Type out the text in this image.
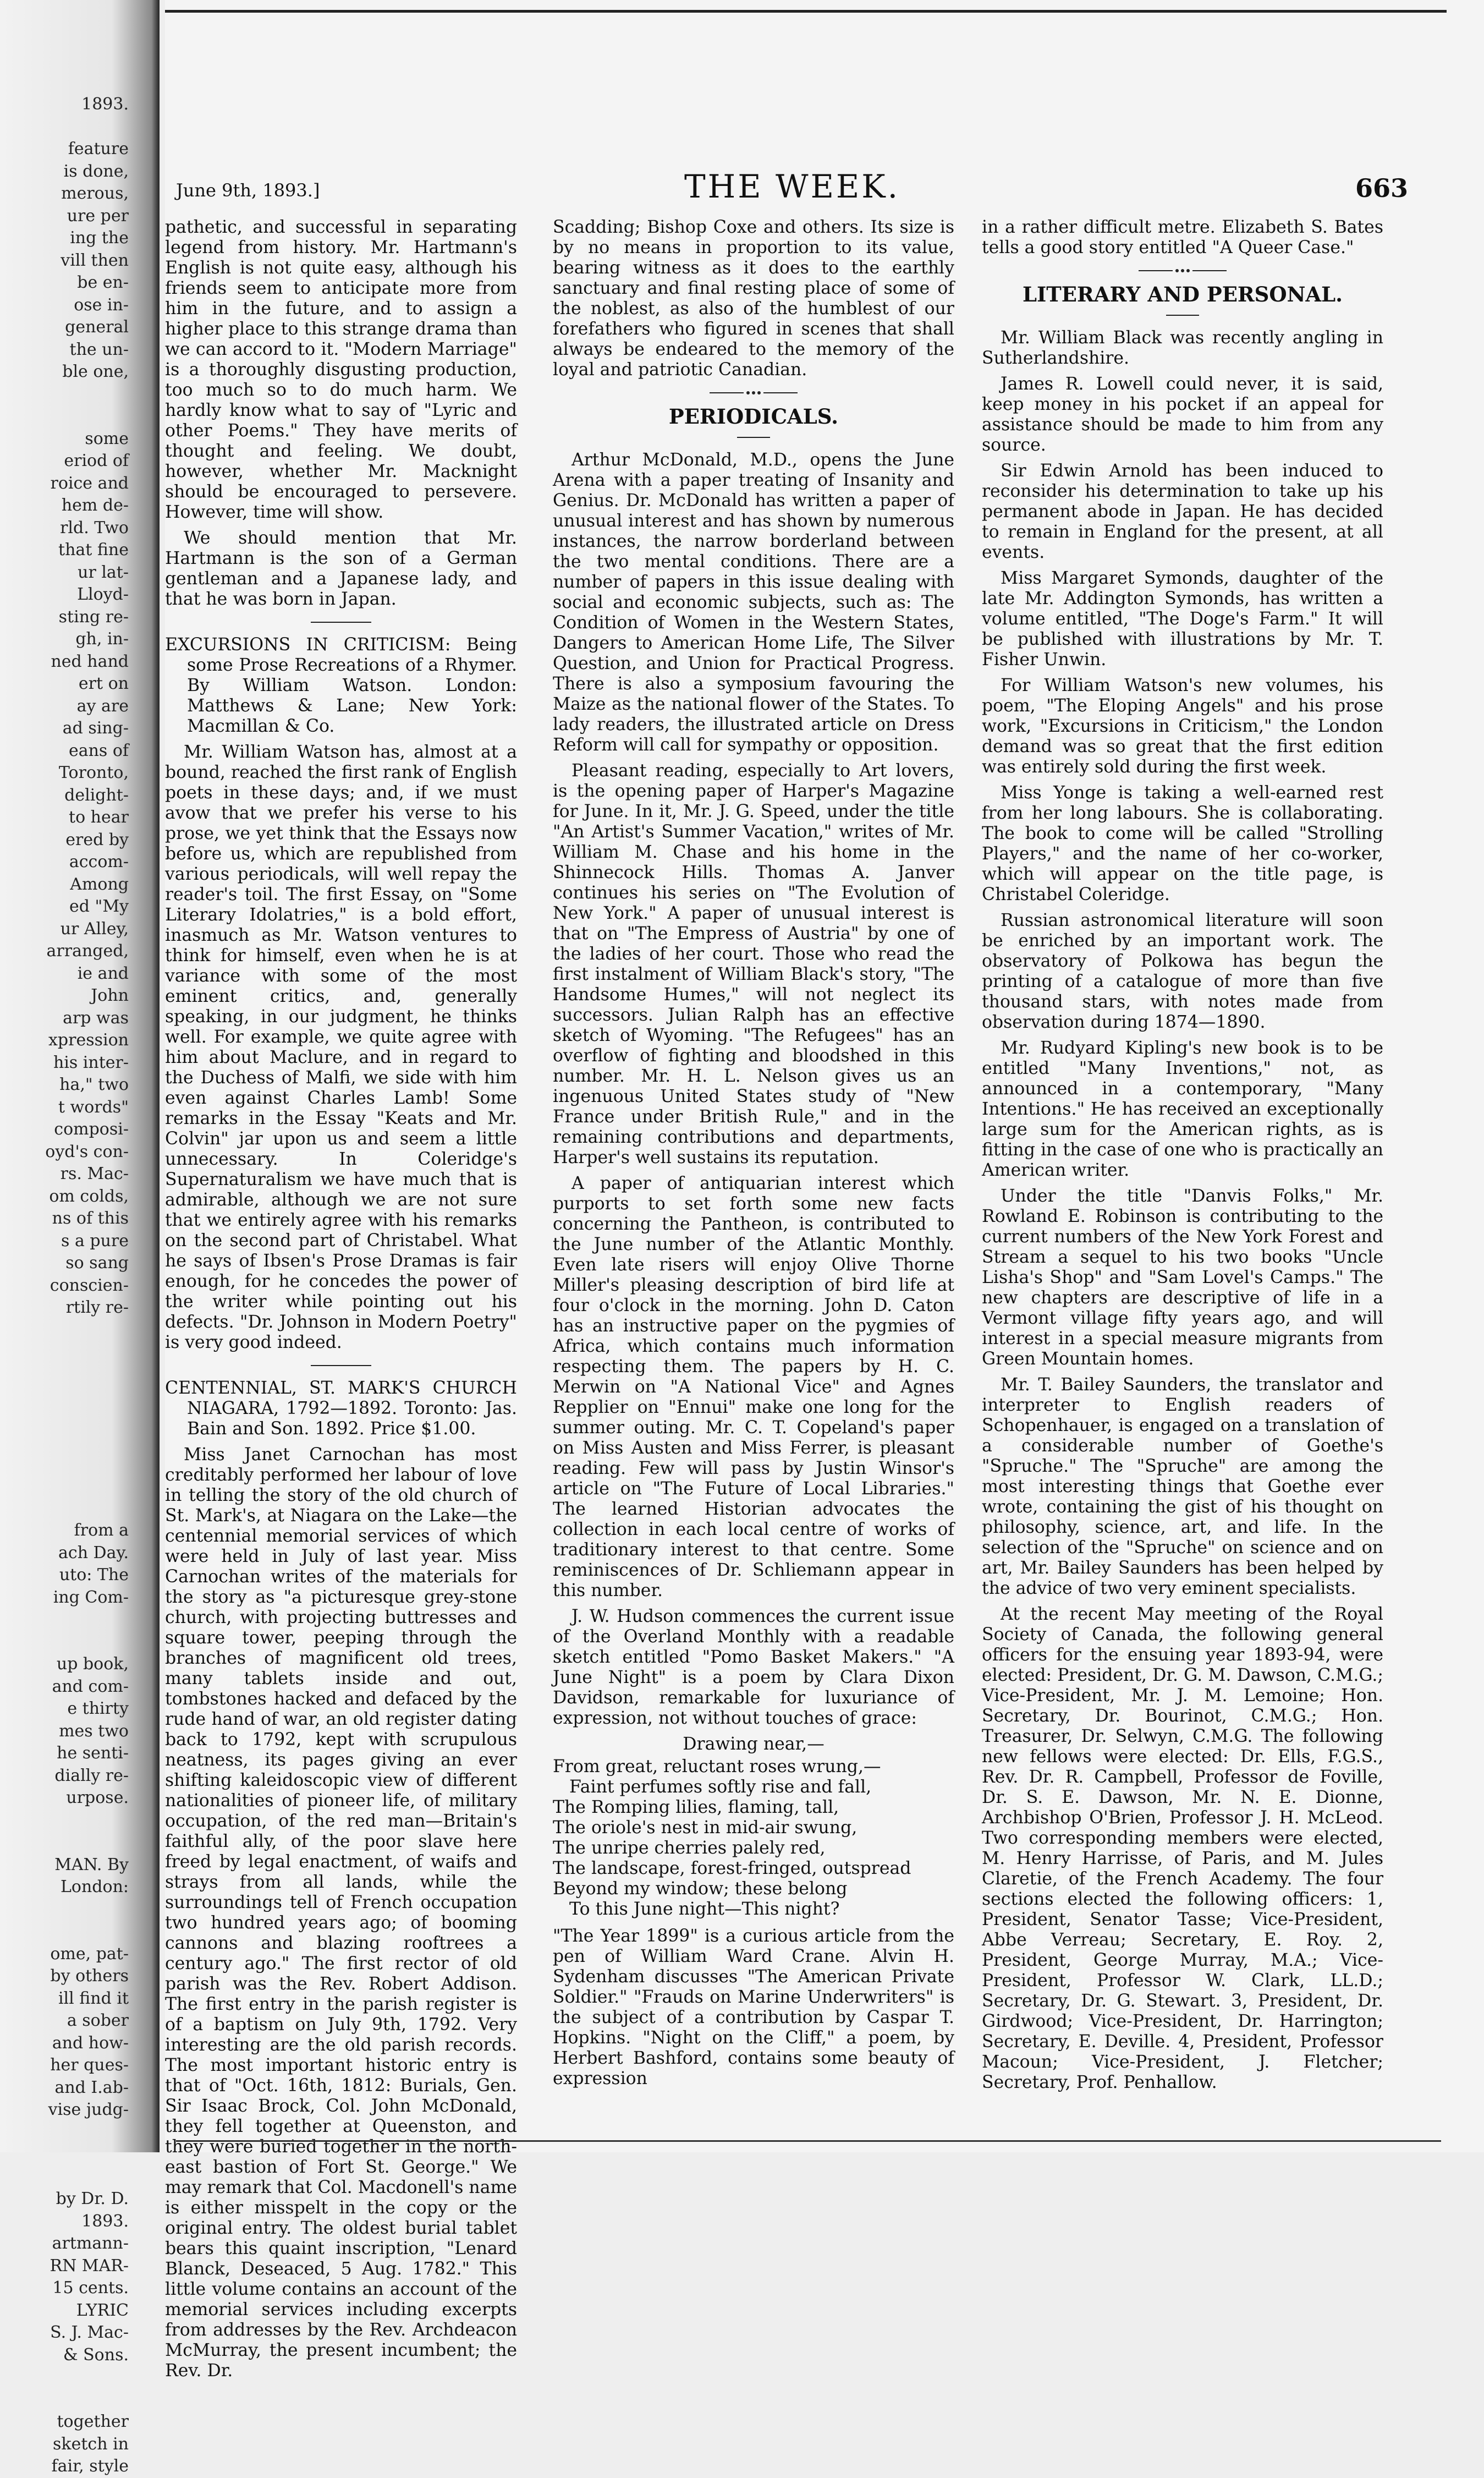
1893.
feature
is done,
merous,
ure per
ing the
vill then
be en-
ose in-
general
the un-
ble one,
some
eriod of
roice and
hem de-
rld. Two
that fine
ur lat-
Lloyd-
sting re-
gh, in-
ned hand
ert on
ay are
ad sing-
eans of
Toronto,
delight-
to hear
ered by
accom-
Among
ed "My
ur Alley,
arranged,
ie and
John
arp was
xpression
his inter-
ha," two
t words"
composi-
oyd's con-
rs. Mac-
om colds,
ns of this
s a pure
so sang
conscien-
rtily re-
from a
ach Day.
uto: The
ing Com-
up book,
and com-
e thirty
mes two
he senti-
dially re-
urpose.
MAN. By
London:
ome, pat-
by others
ill find it
a sober
and how-
her ques-
and I.ab-
vise judg-
by Dr. D.
1893.
artmann-
RN MAR-
15 cents.
LYRIC
S. J. Mac-
& Sons.
together
sketch in
fair, style
June 9th, 1893.]	THE WEEK.	663

pathetic, and successful in separating legend from history. Mr. Hartmann's English is not quite easy, although his friends seem to anticipate more from him in the future, and to assign a higher place to this strange drama than we can accord to it. "Modern Marriage" is a thoroughly disgusting production, too much so to do much harm. We hardly know what to say of "Lyric and other Poems." They have merits of thought and feeling. We doubt, however, whether Mr. Macknight should be encouraged to persevere. However, time will show.

We should mention that Mr. Hartmann is the son of a German gentleman and a Japanese lady, and that he was born in Japan.

EXCURSIONS IN CRITICISM: Being some Prose Recreations of a Rhymer. By William Watson. London: Matthews & Lane; New York: Macmillan & Co.

Mr. William Watson has, almost at a bound, reached the first rank of English poets in these days; and, if we must avow that we prefer his verse to his prose, we yet think that the Essays now before us, which are republished from various periodicals, will well repay the reader's toil. The first Essay, on "Some Literary Idolatries," is a bold effort, inasmuch as Mr. Watson ventures to think for himself, even when he is at variance with some of the most eminent critics, and, generally speaking, in our judgment, he thinks well. For example, we quite agree with him about Maclure, and in regard to the Duchess of Malfi, we side with him even against Charles Lamb! Some remarks in the Essay "Keats and Mr. Colvin" jar upon us and seem a little unnecessary. In Coleridge's Supernaturalism we have much that is admirable, although we are not sure that we entirely agree with his remarks on the second part of Christabel. What he says of Ibsen's Prose Dramas is fair enough, for he concedes the power of the writer while pointing out his defects. "Dr. Johnson in Modern Poetry" is very good indeed.

CENTENNIAL, ST. MARK'S CHURCH NIAGARA, 1792—1892. Toronto: Jas. Bain and Son. 1892. Price $1.00.

Miss Janet Carnochan has most creditably performed her labour of love in telling the story of the old church of St. Mark's, at Niagara on the Lake—the centennial memorial services of which were held in July of last year. Miss Carnochan writes of the materials for the story as "a picturesque grey-stone church, with projecting buttresses and square tower, peeping through the branches of magnificent old trees, many tablets inside and out, tombstones hacked and defaced by the rude hand of war, an old register dating back to 1792, kept with scrupulous neatness, its pages giving an ever shifting kaleidoscopic view of different nationalities of pioneer life, of military occupation, of the red man—Britain's faithful ally, of the poor slave here freed by legal enactment, of waifs and strays from all lands, while the surroundings tell of French occupation two hundred years ago; of booming cannons and blazing rooftrees a century ago." The first rector of old parish was the Rev. Robert Addison. The first entry in the parish register is of a baptism on July 9th, 1792. Very interesting are the old parish records. The most important historic entry is that of "Oct. 16th, 1812: Burials, Gen. Sir Isaac Brock, Col. John McDonald, they fell together at Queenston, and they were buried together in the north-east bastion of Fort St. George." We may remark that Col. Macdonell's name is either misspelt in the copy or the original entry. The oldest burial tablet bears this quaint inscription, "Lenard Blanck, Deseaced, 5 Aug. 1782." This little volume contains an account of the memorial services including excerpts from addresses by the Rev. Archdeacon McMurray, the present incumbent; the Rev. Dr.

Scadding; Bishop Coxe and others. Its size is by no means in proportion to its value, bearing witness as it does to the earthly sanctuary and final resting place of some of the noblest, as also of the humblest of our forefathers who figured in scenes that shall always be endeared to the memory of the loyal and patriotic Canadian.

PERIODICALS.

Arthur McDonald, M.D., opens the June Arena with a paper treating of Insanity and Genius. Dr. McDonald has written a paper of unusual interest and has shown by numerous instances, the narrow borderland between the two mental conditions. There are a number of papers in this issue dealing with social and economic subjects, such as: The Condition of Women in the Western States, Dangers to American Home Life, The Silver Question, and Union for Practical Progress. There is also a symposium favouring the Maize as the national flower of the States. To lady readers, the illustrated article on Dress Reform will call for sympathy or opposition.

Pleasant reading, especially to Art lovers, is the opening paper of Harper's Magazine for June. In it, Mr. J. G. Speed, under the title "An Artist's Summer Vacation," writes of Mr. William M. Chase and his home in the Shinnecock Hills. Thomas A. Janver continues his series on "The Evolution of New York." A paper of unusual interest is that on "The Empress of Austria" by one of the ladies of her court. Those who read the first instalment of William Black's story, "The Handsome Humes," will not neglect its successors. Julian Ralph has an effective sketch of Wyoming. "The Refugees" has an overflow of fighting and bloodshed in this number. Mr. H. L. Nelson gives us an ingenuous United States study of "New France under British Rule," and in the remaining contributions and departments, Harper's well sustains its reputation.

A paper of antiquarian interest which purports to set forth some new facts concerning the Pantheon, is contributed to the June number of the Atlantic Monthly. Even late risers will enjoy Olive Thorne Miller's pleasing description of bird life at four o'clock in the morning. John D. Caton has an instructive paper on the pygmies of Africa, which contains much information respecting them. The papers by H. C. Merwin on "A National Vice" and Agnes Repplier on "Ennui" make one long for the summer outing. Mr. C. T. Copeland's paper on Miss Austen and Miss Ferrer, is pleasant reading. Few will pass by Justin Winsor's article on "The Future of Local Libraries." The learned Historian advocates the collection in each local centre of works of traditionary interest to that centre. Some reminiscences of Dr. Schliemann appear in this number.

J. W. Hudson commences the current issue of the Overland Monthly with a readable sketch entitled "Pomo Basket Makers." "A June Night" is a poem by Clara Dixon Davidson, remarkable for luxuriance of expression, not without touches of grace:

Drawing near,—
From great, reluctant roses wrung,—
Faint perfumes softly rise and fall,
The Romping lilies, flaming, tall,
The oriole's nest in mid-air swung,
The unripe cherries palely red,
The landscape, forest-fringed, outspread
Beyond my window; these belong
To this June night—This night?

"The Year 1899" is a curious article from the pen of William Ward Crane. Alvin H. Sydenham discusses "The American Private Soldier." "Frauds on Marine Underwriters" is the subject of a contribution by Caspar T. Hopkins. "Night on the Cliff," a poem, by Herbert Bashford, contains some beauty of expression

in a rather difficult metre. Elizabeth S. Bates tells a good story entitled "A Queer Case."

LITERARY AND PERSONAL.

Mr. William Black was recently angling in Sutherlandshire.

James R. Lowell could never, it is said, keep money in his pocket if an appeal for assistance should be made to him from any source.

Sir Edwin Arnold has been induced to reconsider his determination to take up his permanent abode in Japan. He has decided to remain in England for the present, at all events.

Miss Margaret Symonds, daughter of the late Mr. Addington Symonds, has written a volume entitled, "The Doge's Farm." It will be published with illustrations by Mr. T. Fisher Unwin.

For William Watson's new volumes, his poem, "The Eloping Angels" and his prose work, "Excursions in Criticism," the London demand was so great that the first edition was entirely sold during the first week.

Miss Yonge is taking a well-earned rest from her long labours. She is collaborating. The book to come will be called "Strolling Players," and the name of her co-worker, which will appear on the title page, is Christabel Coleridge.

Russian astronomical literature will soon be enriched by an important work. The observatory of Polkowa has begun the printing of a catalogue of more than five thousand stars, with notes made from observation during 1874—1890.

Mr. Rudyard Kipling's new book is to be entitled "Many Inventions," not, as announced in a contemporary, "Many Intentions." He has received an exceptionally large sum for the American rights, as is fitting in the case of one who is practically an American writer.

Under the title "Danvis Folks," Mr. Rowland E. Robinson is contributing to the current numbers of the New York Forest and Stream a sequel to his two books "Uncle Lisha's Shop" and "Sam Lovel's Camps." The new chapters are descriptive of life in a Vermont village fifty years ago, and will interest in a special measure migrants from Green Mountain homes.

Mr. T. Bailey Saunders, the translator and interpreter to English readers of Schopenhauer, is engaged on a translation of a considerable number of Goethe's "Spruche." The "Spruche" are among the most interesting things that Goethe ever wrote, containing the gist of his thought on philosophy, science, art, and life. In the selection of the "Spruche" on science and on art, Mr. Bailey Saunders has been helped by the advice of two very eminent specialists.

At the recent May meeting of the Royal Society of Canada, the following general officers for the ensuing year 1893-94, were elected: President, Dr. G. M. Dawson, C.M.G.; Vice-President, Mr. J. M. Lemoine; Hon. Secretary, Dr. Bourinot, C.M.G.; Hon. Treasurer, Dr. Selwyn, C.M.G. The following new fellows were elected: Dr. Ells, F.G.S., Rev. Dr. R. Campbell, Professor de Foville, Dr. S. E. Dawson, Mr. N. E. Dionne, Archbishop O'Brien, Professor J. H. McLeod. Two corresponding members were elected, M. Henry Harrisse, of Paris, and M. Jules Claretie, of the French Academy. The four sections elected the following officers: 1, President, Senator Tasse; Vice-President, Abbe Verreau; Secretary, E. Roy. 2, President, George Murray, M.A.; Vice-President, Professor W. Clark, LL.D.; Secretary, Dr. G. Stewart. 3, President, Dr. Girdwood; Vice-President, Dr. Harrington; Secretary, E. Deville. 4, President, Professor Macoun; Vice-President, J. Fletcher; Secretary, Prof. Penhallow.
